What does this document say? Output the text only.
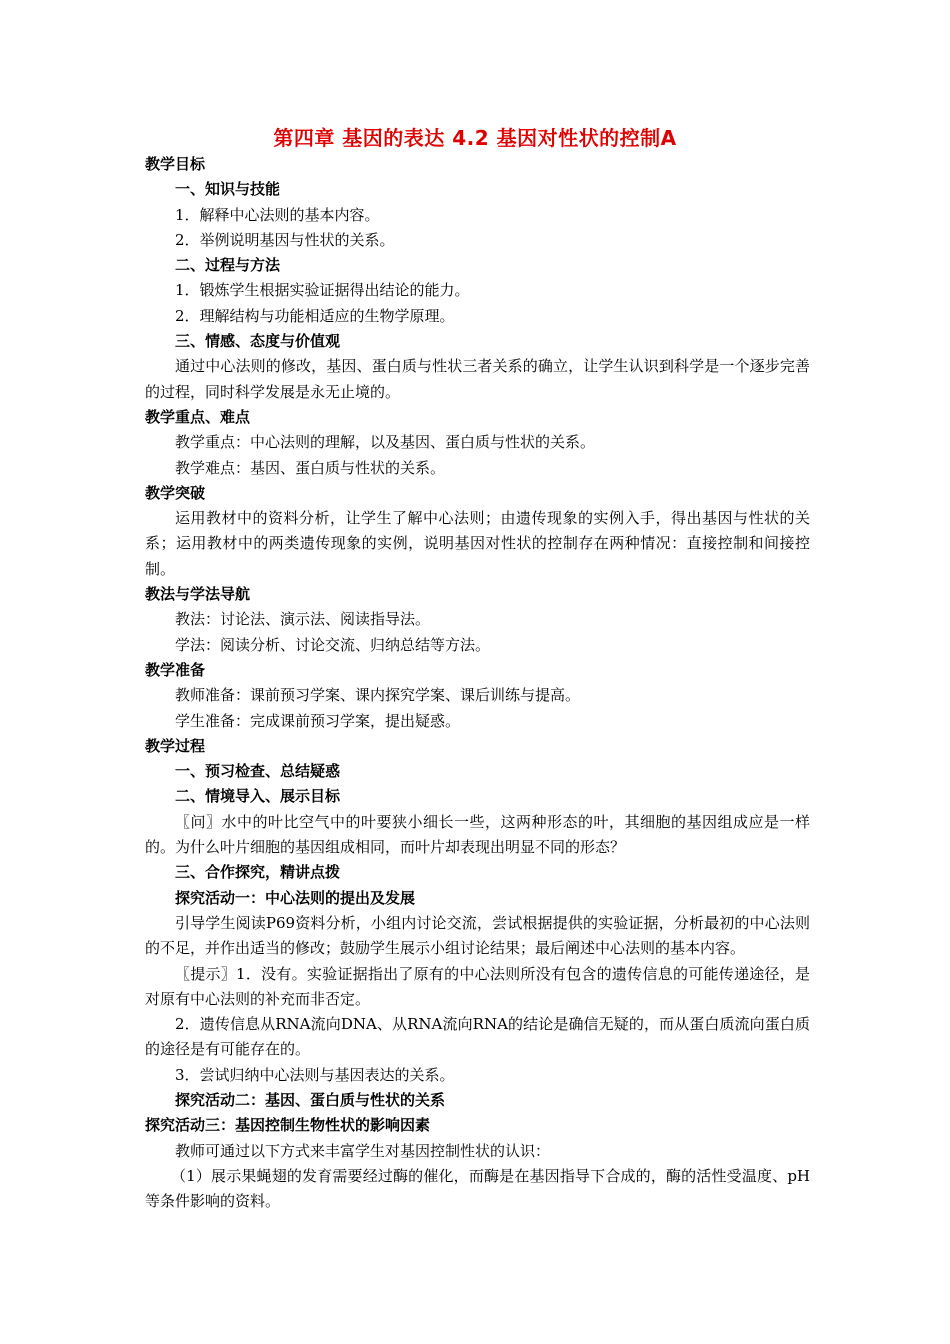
第四章 基因的表达 4.2 基因对性状的控制A
教学目标
一、知识与技能
1．解释中心法则的基本内容。
2．举例说明基因与性状的关系。
二、过程与方法
1．锻炼学生根据实验证据得出结论的能力。
2．理解结构与功能相适应的生物学原理。
三、情感、态度与价值观
通过中心法则的修改，基因、蛋白质与性状三者关系的确立，让学生认识到科学是一个逐步完善的过程，同时科学发展是永无止境的。
教学重点、难点
教学重点：中心法则的理解，以及基因、蛋白质与性状的关系。
教学难点：基因、蛋白质与性状的关系。
教学突破
运用教材中的资料分析，让学生了解中心法则；由遗传现象的实例入手，得出基因与性状的关系；运用教材中的两类遗传现象的实例，说明基因对性状的控制存在两种情况：直接控制和间接控制。
教法与学法导航
教法：讨论法、演示法、阅读指导法。
学法：阅读分析、讨论交流、归纳总结等方法。
教学准备
教师准备：课前预习学案、课内探究学案、课后训练与提高。
学生准备：完成课前预习学案，提出疑惑。
教学过程
一、预习检查、总结疑惑
二、情境导入、展示目标
〖问〗水中的叶比空气中的叶要狭小细长一些，这两种形态的叶，其细胞的基因组成应是一样的。为什么叶片细胞的基因组成相同，而叶片却表现出明显不同的形态？
三、合作探究，精讲点拨
探究活动一：中心法则的提出及发展
引导学生阅读P69资料分析，小组内讨论交流，尝试根据提供的实验证据，分析最初的中心法则的不足，并作出适当的修改；鼓励学生展示小组讨论结果；最后阐述中心法则的基本内容。
〖提示〗1．没有。实验证据指出了原有的中心法则所没有包含的遗传信息的可能传递途径，是对原有中心法则的补充而非否定。
2．遗传信息从RNA流向DNA、从RNA流向RNA的结论是确信无疑的，而从蛋白质流向蛋白质的途径是有可能存在的。
3．尝试归纳中心法则与基因表达的关系。
探究活动二：基因、蛋白质与性状的关系
探究活动三：基因控制生物性状的影响因素
教师可通过以下方式来丰富学生对基因控制性状的认识：
（1）展示果蝇翅的发育需要经过酶的催化，而酶是在基因指导下合成的，酶的活性受温度、pH等条件影响的资料。
